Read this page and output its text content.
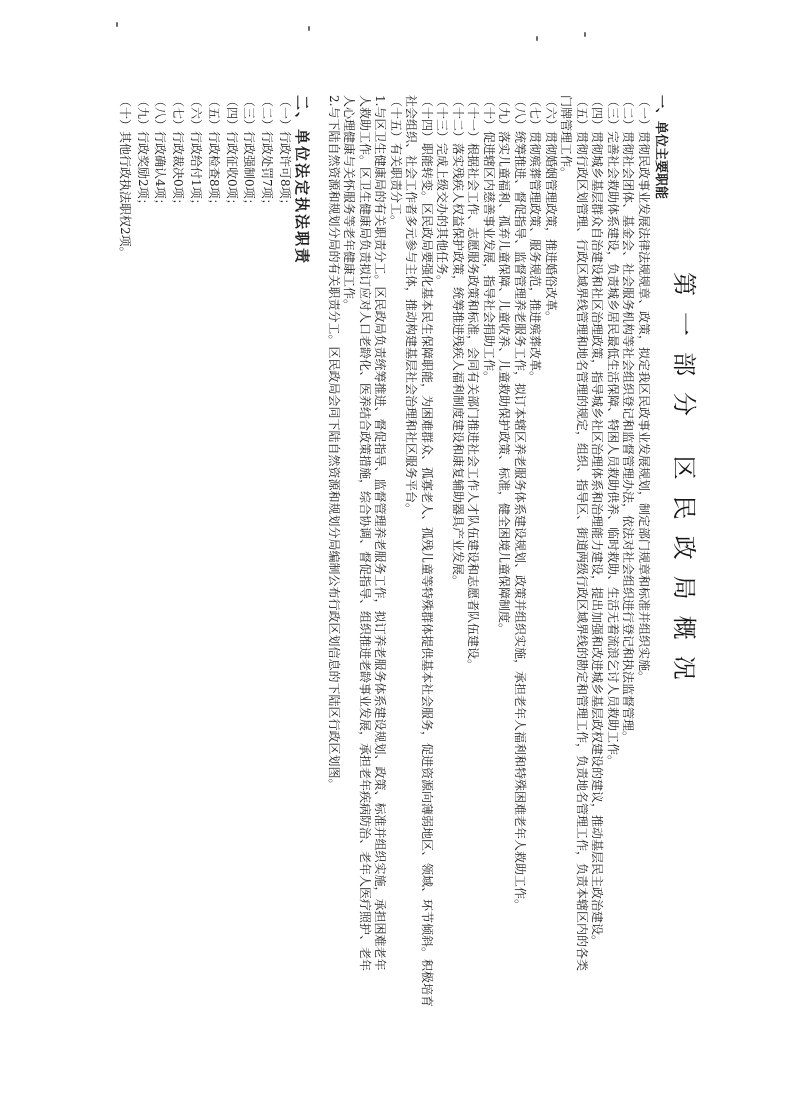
第一部分 区民政局概况
一、单位主要职能
（一）贯彻民政事业发展法律法规规章、政策，拟定我区民政事业发展规划，制定部门规章和标准并组织实施。
（二）贯彻社会团体、基金会、社会服务机构等社会组织登记和监督管理办法，依法对社会组织进行登记和执法监督管理。
（三）完善社会救助体系建设，负责城乡居民最低生活保障、特困人员救助供养、临时救助、生活无着流浪乞讨人员救助工作。
（四）贯彻城乡基层群众自治建设和社区治理政策，指导城乡社区治理体系和治理能力建设，提出加强和改进城乡基层政权建设的建议，推动基层民主政治建设。
（五）贯彻行政区划管理、行政区域界线管理和地名管理的规定，组织、指导区、街道两级行政区域界线的勘定和管理工作，负责地名管理工作，负责本辖区内的各类
门牌管理工作。
（六）贯彻婚姻管理政策，推进婚俗改革。
（七）贯彻殡葬管理政策、服务规范，推进殡葬改革。
（八）统筹推进、督促指导、监督管理养老服务工作，拟订本辖区养老服务体系建设规划、政策并组织实施，承担老年人福利和特殊困难老年人救助工作。
（九）落实儿童福利、孤弃儿童保障、儿童收养、儿童救助保护政策、标准，健全困境儿童保障制度。
（十）促进辖区内慈善事业发展，指导社会捐助工作。
（十一）根据社会工作、志愿服务政策和标准，会同有关部门推进社会工作人才队伍建设和志愿者队伍建设。
（十二）落实残疾人权益保护政策，统筹推进残疾人福利制度建设和康复辅助器具产业发展。
（十三）完成上级交办的其他任务。
（十四）职能转变。区民政局要强化基本民生保障职能，为困难群众、孤寡老人、孤残儿童等特殊群体提供基本社会服务，促进资源向薄弱地区、领域、环节倾斜。积极培育
社会组织、社会工作者多元参与主体，推动构建基层社会治理和社区服务平台。
（十五）有关职责分工。
1.与区卫生健康局的有关职责分工。区民政局负责统筹推进、督促指导、监督管理养老服务工作，拟订养老服务体系建设规划、政策、标准并组织实施，承担困难老年
人救助工作。区卫生健康局负责拟订应对人口老龄化、医养结合政策措施，综合协调、督促指导、组织推进老龄事业发展，承担老年疾病防治、老年人医疗照护、老年
人心理健康与关怀服务等老年健康工作。
2.与下陆自然资源和规划分局的有关职责分工。区民政局会同下陆自然资源和规划分局编制公布行政区划信息的下陆区行政区划图。
二、单位法定执法职责
（一）行政许可8项；
（二）行政处罚7项；
（三）行政强制0项；
（四）行政征收0项；
（五）行政检查8项；
（六）行政给付1项；
（七）行政裁决0项；
（八）行政确认4项；
（九）行政奖励2项；
（十）其他行政执法职权2项。
